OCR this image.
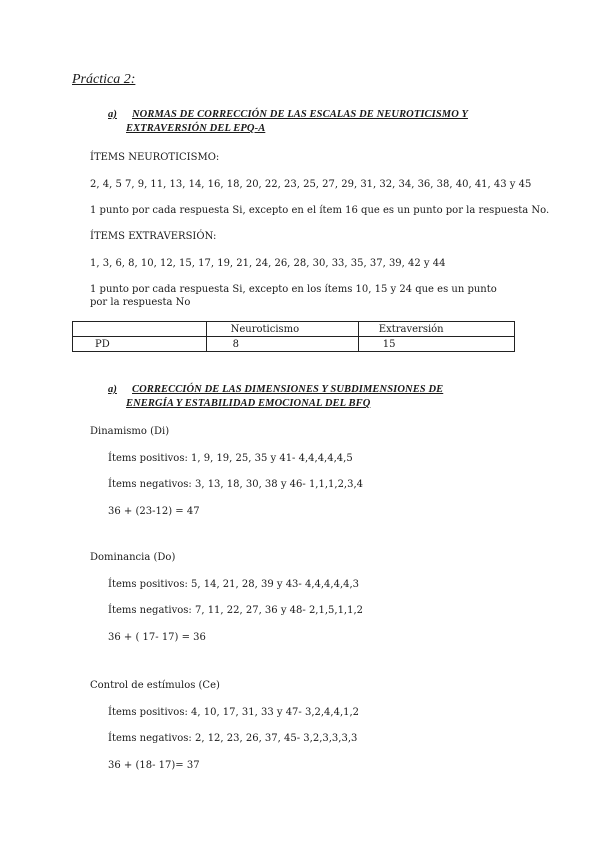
Práctica 2:
a) NORMAS DE CORRECCIÓN DE LAS ESCALAS DE NEUROTICISMO Y
EXTRAVERSIÓN DEL EPQ-A
ÍTEMS NEUROTICISMO:
2, 4, 5 7, 9, 11, 13, 14, 16, 18, 20, 22, 23, 25, 27, 29, 31, 32, 34, 36, 38, 40, 41, 43 y 45
1 punto por cada respuesta Si, excepto en el ítem 16 que es un punto por la respuesta No.
ÍTEMS EXTRAVERSIÓN:
1, 3, 6, 8, 10, 12, 15, 17, 19, 21, 24, 26, 28, 30, 33, 35, 37, 39, 42 y 44
1 punto por cada respuesta Si, excepto en los ítems 10, 15 y 24 que es un punto por la respuesta No
	Neuroticismo	Extraversión
PD	8	15
a) CORRECCIÓN DE LAS DIMENSIONES Y SUBDIMENSIONES DE
ENERGÍA Y ESTABILIDAD EMOCIONAL DEL BFQ
Dinamismo (Di)
Ítems positivos: 1, 9, 19, 25, 35 y 41- 4,4,4,4,4,5
Ítems negativos: 3, 13, 18, 30, 38 y 46- 1,1,1,2,3,4
36 + (23-12) = 47
Dominancia (Do)
Ítems positivos: 5, 14, 21, 28, 39 y 43- 4,4,4,4,4,3
Ítems negativos: 7, 11, 22, 27, 36 y 48- 2,1,5,1,1,2
36 + ( 17- 17) = 36
Control de estímulos (Ce)
Ítems positivos: 4, 10, 17, 31, 33 y 47- 3,2,4,4,1,2
Ítems negativos: 2, 12, 23, 26, 37, 45- 3,2,3,3,3,3
36 + (18- 17)= 37
